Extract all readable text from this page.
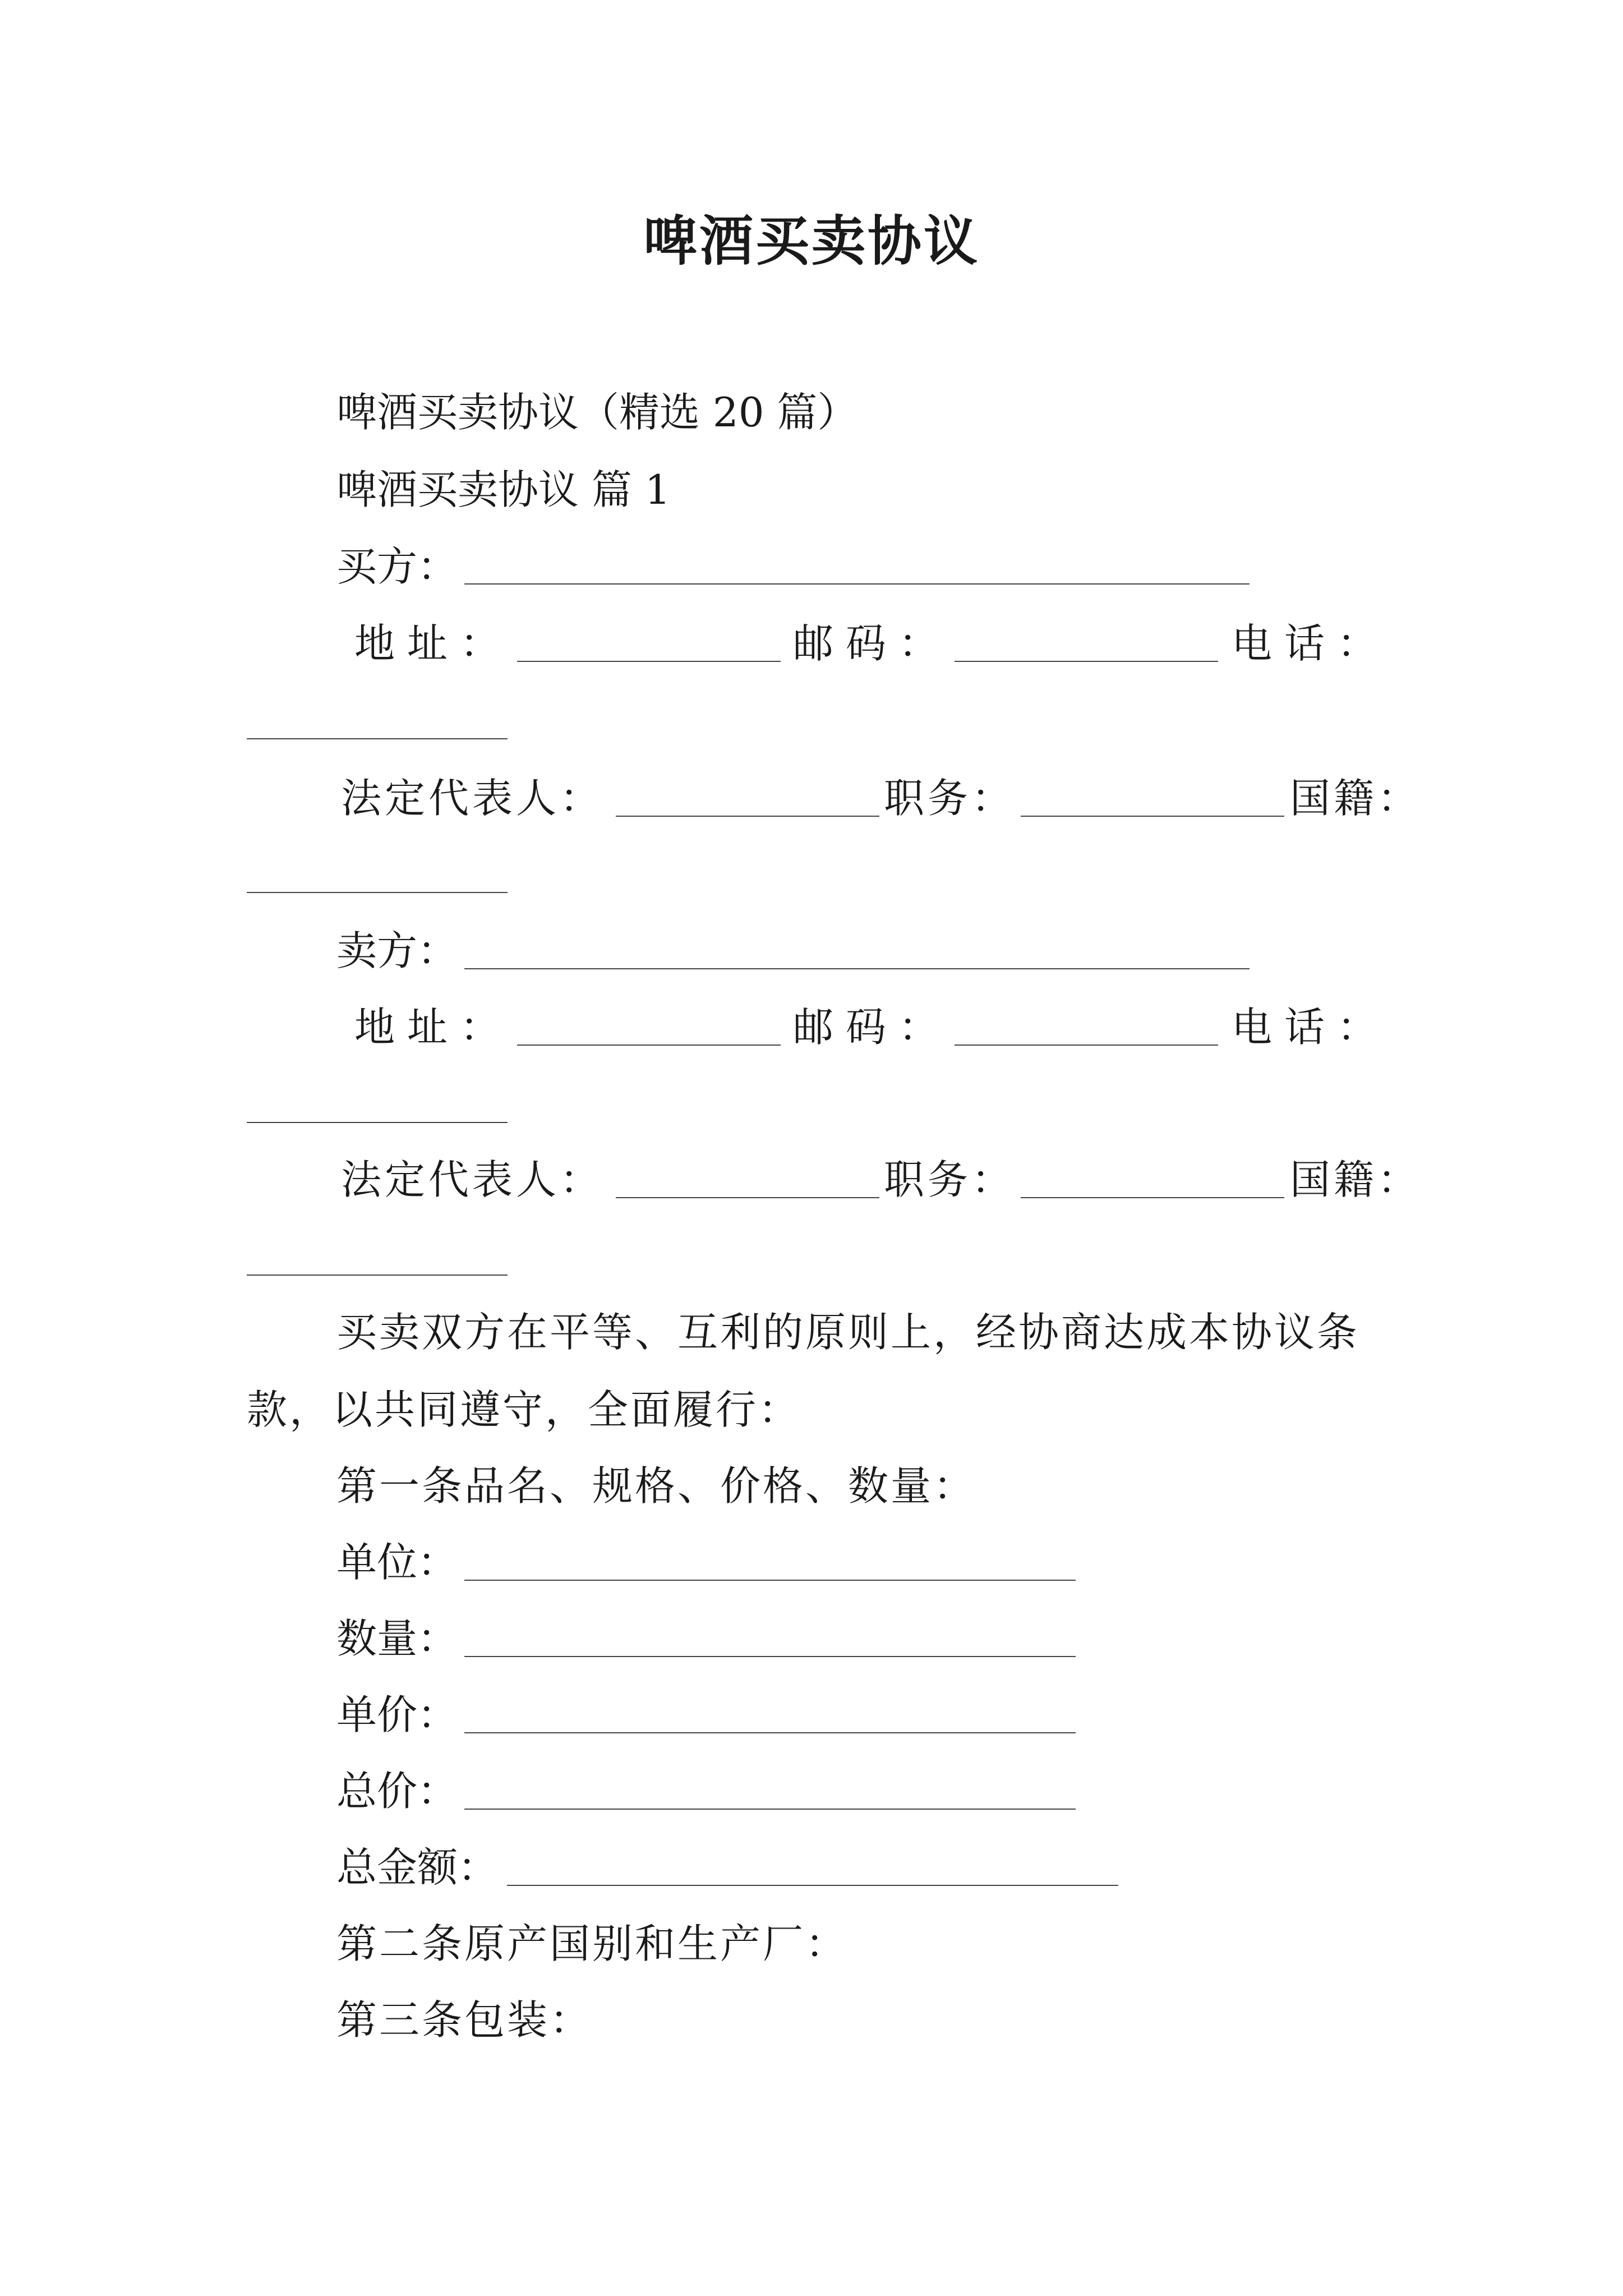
啤酒买卖协议
啤酒买卖协议（精选 20 篇）
啤酒买卖协议 篇 1
买方：
地址：	邮码：	电话：
法定代表人：	职务：	国籍：
卖方：
地址：	邮码：	电话：
法定代表人：	职务：	国籍：
买卖双方在平等、互利的原则上，经协商达成本协议条
款，以共同遵守，全面履行：
第一条品名、规格、价格、数量：
单位：
数量：
单价：
总价：
总金额：
第二条原产国别和生产厂：
第三条包装：
